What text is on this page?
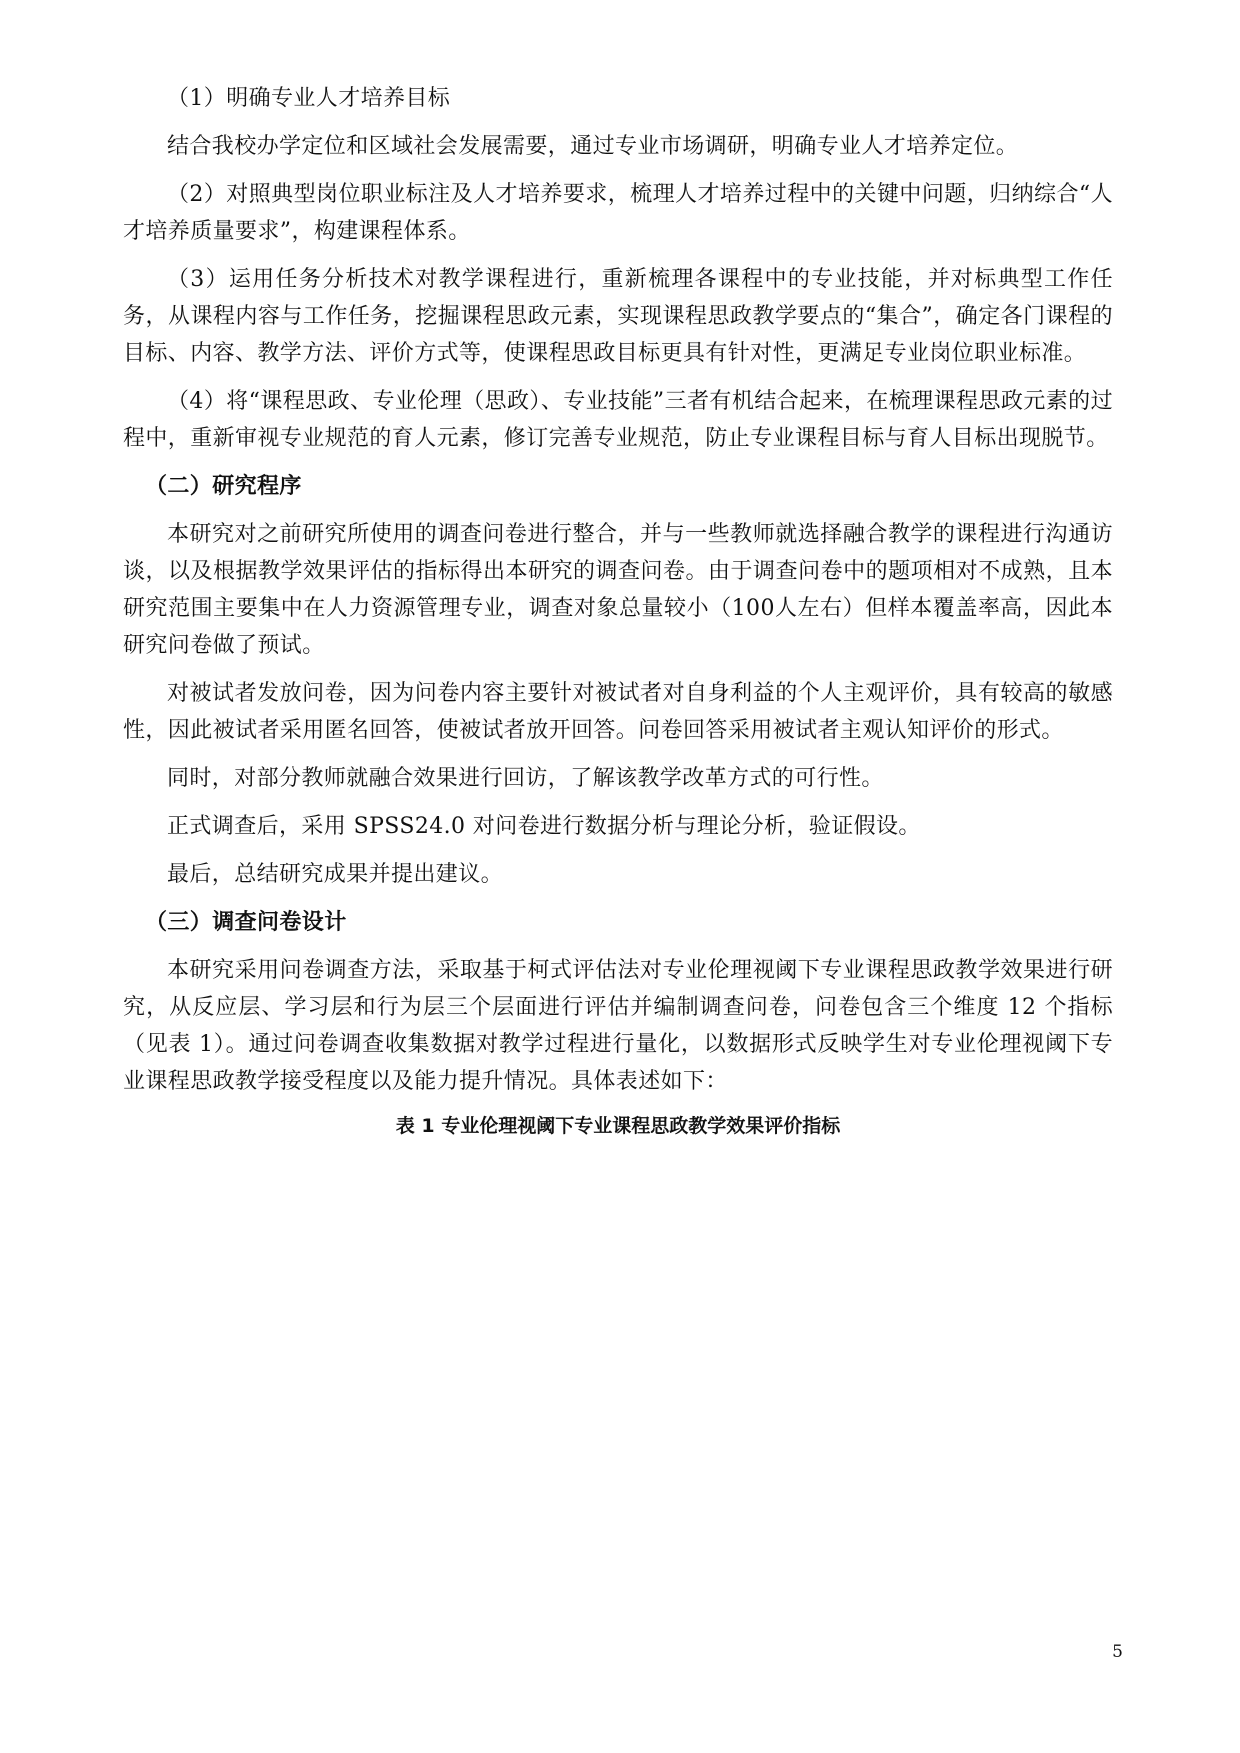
（1）明确专业人才培养目标

结合我校办学定位和区域社会发展需要，通过专业市场调研，明确专业人才培养定位。

（2）对照典型岗位职业标注及人才培养要求，梳理人才培养过程中的关键中问题，归纳综合“人才培养质量要求”，构建课程体系。

（3）运用任务分析技术对教学课程进行，重新梳理各课程中的专业技能，并对标典型工作任务，从课程内容与工作任务，挖掘课程思政元素，实现课程思政教学要点的“集合”，确定各门课程的目标、内容、教学方法、评价方式等，使课程思政目标更具有针对性，更满足专业岗位职业标准。

（4）将“课程思政、专业伦理（思政）、专业技能”三者有机结合起来，在梳理课程思政元素的过程中，重新审视专业规范的育人元素，修订完善专业规范，防止专业课程目标与育人目标出现脱节。

（二）研究程序

本研究对之前研究所使用的调查问卷进行整合，并与一些教师就选择融合教学的课程进行沟通访谈，以及根据教学效果评估的指标得出本研究的调查问卷。由于调查问卷中的题项相对不成熟，且本研究范围主要集中在人力资源管理专业，调查对象总量较小（100人左右）但样本覆盖率高，因此本研究问卷做了预试。

对被试者发放问卷，因为问卷内容主要针对被试者对自身利益的个人主观评价，具有较高的敏感性，因此被试者采用匿名回答，使被试者放开回答。问卷回答采用被试者主观认知评价的形式。

同时，对部分教师就融合效果进行回访，了解该教学改革方式的可行性。

正式调查后，采用 SPSS24.0 对问卷进行数据分析与理论分析，验证假设。

最后，总结研究成果并提出建议。

（三）调查问卷设计

本研究采用问卷调查方法，采取基于柯式评估法对专业伦理视阈下专业课程思政教学效果进行研究，从反应层、学习层和行为层三个层面进行评估并编制调查问卷，问卷包含三个维度 12 个指标（见表 1）。通过问卷调查收集数据对教学过程进行量化，以数据形式反映学生对专业伦理视阈下专业课程思政教学接受程度以及能力提升情况。具体表述如下：

表 1 专业伦理视阈下专业课程思政教学效果评价指标
5
